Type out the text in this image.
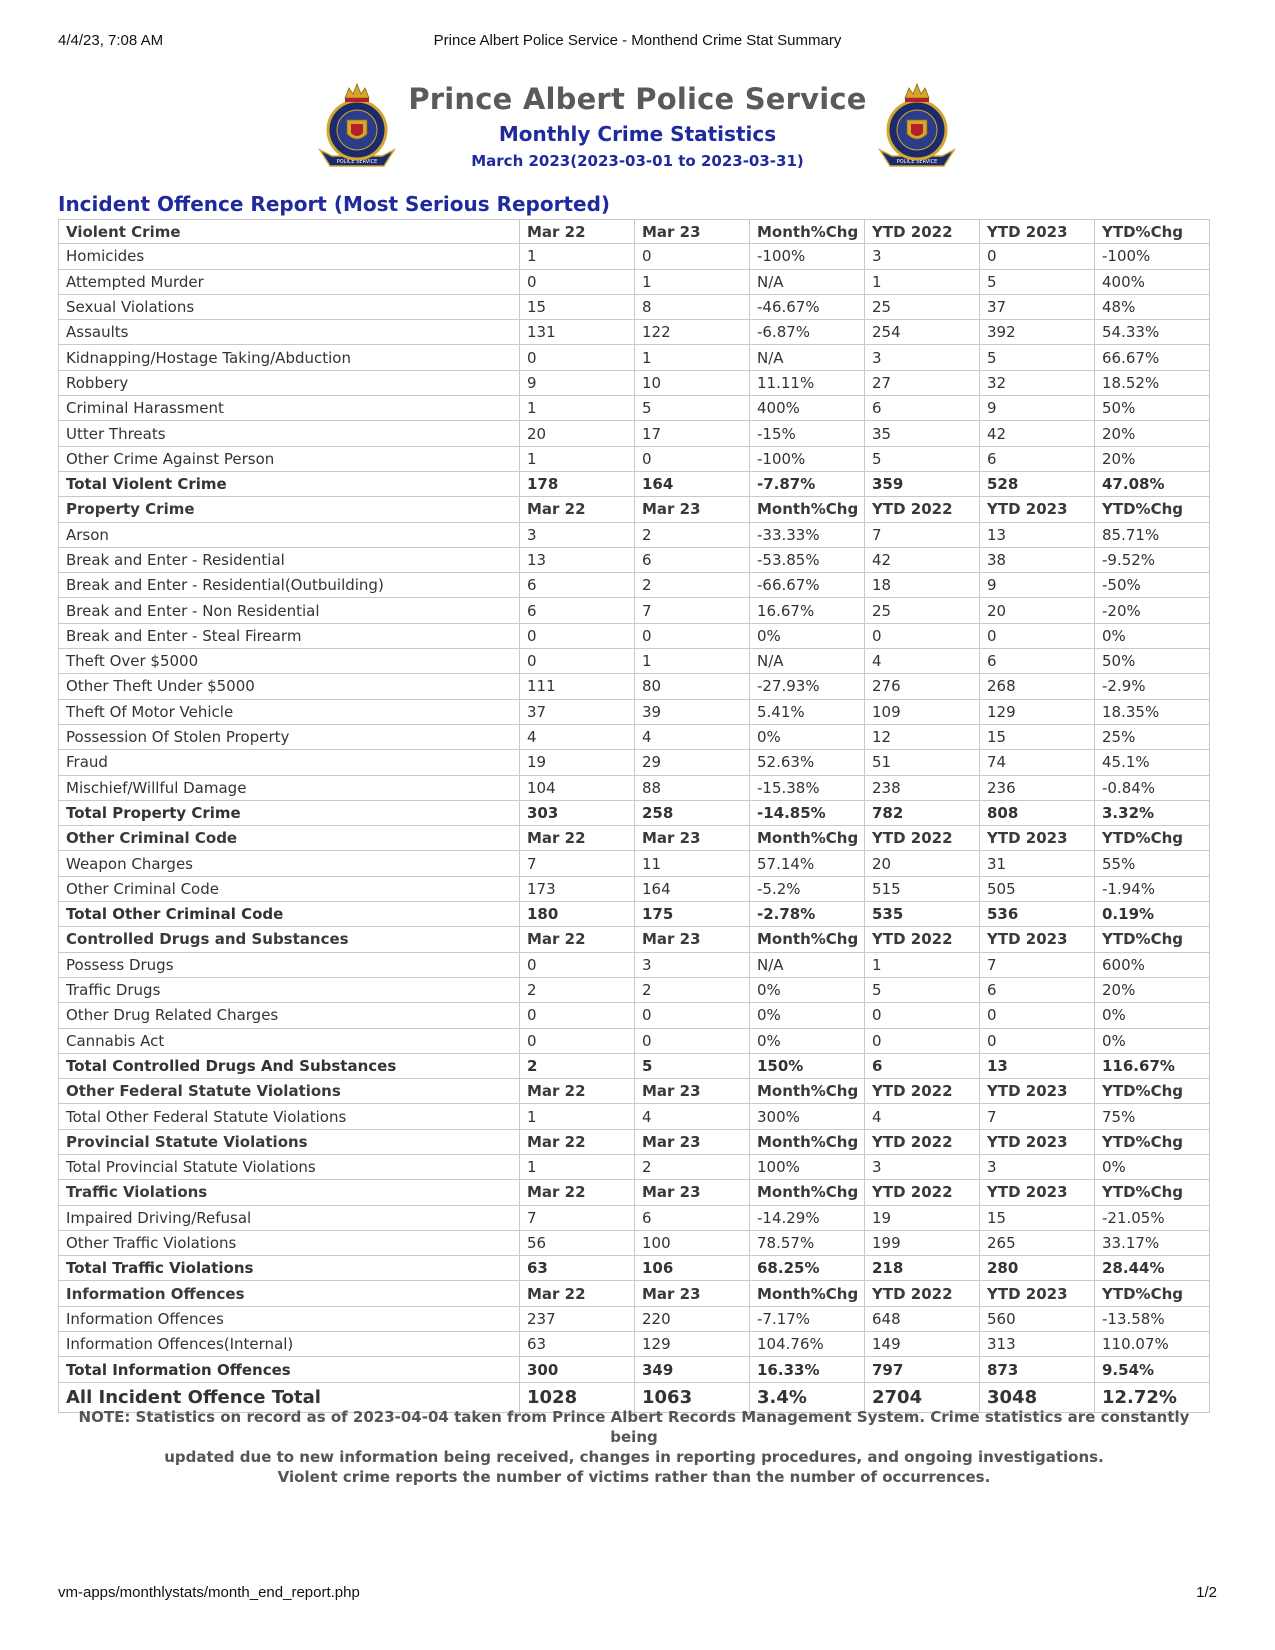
4/4/23, 7:08 AM	Prince Albert Police Service - Monthend Crime Stat Summary
POLICE SERVICE	POLICE SERVICE
Prince Albert Police Service
Monthly Crime Statistics
March 2023(2023-03-01 to 2023-03-31)
Incident Offence Report (Most Serious Reported)
Violent Crime	Mar 22	Mar 23	Month%Chg	YTD 2022	YTD 2023	YTD%Chg
Homicides	1	0	-100%	3	0	-100%
Attempted Murder	0	1	N/A	1	5	400%
Sexual Violations	15	8	-46.67%	25	37	48%
Assaults	131	122	-6.87%	254	392	54.33%
Kidnapping/Hostage Taking/Abduction	0	1	N/A	3	5	66.67%
Robbery	9	10	11.11%	27	32	18.52%
Criminal Harassment	1	5	400%	6	9	50%
Utter Threats	20	17	-15%	35	42	20%
Other Crime Against Person	1	0	-100%	5	6	20%
Total Violent Crime	178	164	-7.87%	359	528	47.08%
Property Crime	Mar 22	Mar 23	Month%Chg	YTD 2022	YTD 2023	YTD%Chg
Arson	3	2	-33.33%	7	13	85.71%
Break and Enter - Residential	13	6	-53.85%	42	38	-9.52%
Break and Enter - Residential(Outbuilding)	6	2	-66.67%	18	9	-50%
Break and Enter - Non Residential	6	7	16.67%	25	20	-20%
Break and Enter - Steal Firearm	0	0	0%	0	0	0%
Theft Over $5000	0	1	N/A	4	6	50%
Other Theft Under $5000	111	80	-27.93%	276	268	-2.9%
Theft Of Motor Vehicle	37	39	5.41%	109	129	18.35%
Possession Of Stolen Property	4	4	0%	12	15	25%
Fraud	19	29	52.63%	51	74	45.1%
Mischief/Willful Damage	104	88	-15.38%	238	236	-0.84%
Total Property Crime	303	258	-14.85%	782	808	3.32%
Other Criminal Code	Mar 22	Mar 23	Month%Chg	YTD 2022	YTD 2023	YTD%Chg
Weapon Charges	7	11	57.14%	20	31	55%
Other Criminal Code	173	164	-5.2%	515	505	-1.94%
Total Other Criminal Code	180	175	-2.78%	535	536	0.19%
Controlled Drugs and Substances	Mar 22	Mar 23	Month%Chg	YTD 2022	YTD 2023	YTD%Chg
Possess Drugs	0	3	N/A	1	7	600%
Traffic Drugs	2	2	0%	5	6	20%
Other Drug Related Charges	0	0	0%	0	0	0%
Cannabis Act	0	0	0%	0	0	0%
Total Controlled Drugs And Substances	2	5	150%	6	13	116.67%
Other Federal Statute Violations	Mar 22	Mar 23	Month%Chg	YTD 2022	YTD 2023	YTD%Chg
Total Other Federal Statute Violations	1	4	300%	4	7	75%
Provincial Statute Violations	Mar 22	Mar 23	Month%Chg	YTD 2022	YTD 2023	YTD%Chg
Total Provincial Statute Violations	1	2	100%	3	3	0%
Traffic Violations	Mar 22	Mar 23	Month%Chg	YTD 2022	YTD 2023	YTD%Chg
Impaired Driving/Refusal	7	6	-14.29%	19	15	-21.05%
Other Traffic Violations	56	100	78.57%	199	265	33.17%
Total Traffic Violations	63	106	68.25%	218	280	28.44%
Information Offences	Mar 22	Mar 23	Month%Chg	YTD 2022	YTD 2023	YTD%Chg
Information Offences	237	220	-7.17%	648	560	-13.58%
Information Offences(Internal)	63	129	104.76%	149	313	110.07%
Total Information Offences	300	349	16.33%	797	873	9.54%
All Incident Offence Total	1028	1063	3.4%	2704	3048	12.72%
NOTE: Statistics on record as of 2023-04-04 taken from Prince Albert Records Management System. Crime statistics are constantly being
updated due to new information being received, changes in reporting procedures, and ongoing investigations.
Violent crime reports the number of victims rather than the number of occurrences.
vm-apps/monthlystats/month_end_report.php	1/2
